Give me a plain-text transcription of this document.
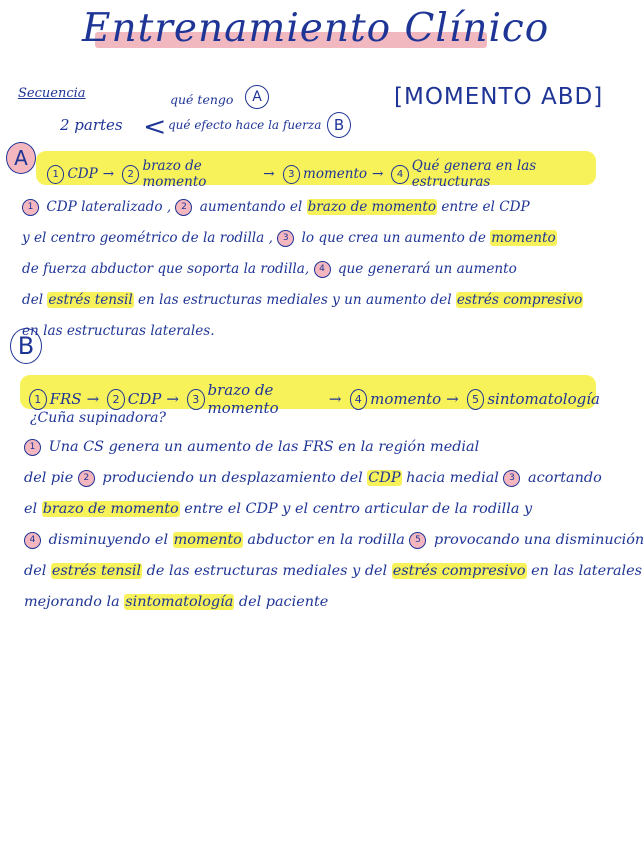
Entrenamiento Clínico
Secuencia
2 partes <
qué tengo	A
qué efecto hace la fuerza B
[MOMENTO ABD]
A
1 CDP →	2 brazo de momento	→	3 momento →	4 Qué genera en las estructuras
1 CDP lateralizado , 2 aumentando el brazo de momento entre el CDP
y el centro geométrico de la rodilla , 3 lo que crea un aumento de momento
de fuerza abductor que soporta la rodilla, 4 que generará un aumento
del estrés tensil en las estructuras mediales y un aumento del estrés compresivo
en las estructuras laterales.
B
1 FRS →	2 CDP →	3 brazo de momento	→	4 momento →	5 sintomatología
¿Cuña supinadora?
1 Una CS genera un aumento de las FRS en la región medial
del pie 2 produciendo un desplazamiento del CDP hacia medial 3 acortando
el brazo de momento entre el CDP y el centro articular de la rodilla y
4 disminuyendo el momento abductor en la rodilla 5 provocando una disminución
del estrés tensil de las estructuras mediales y del estrés compresivo en las laterales
mejorando la sintomatología del paciente
